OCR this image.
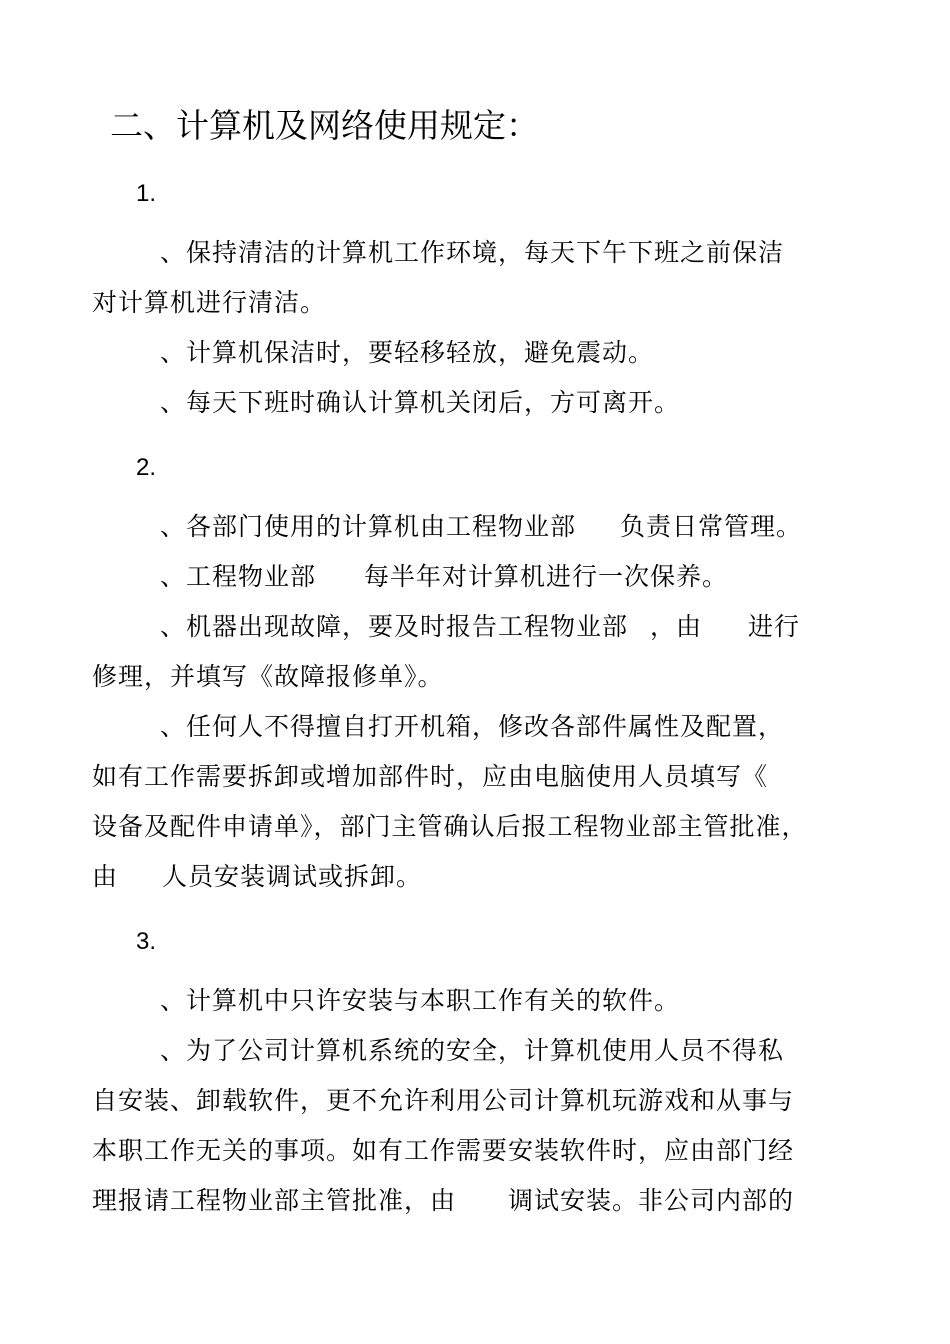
二、计算机及网络使用规定：
1.
、保持清洁的计算机工作环境，每天下午下班之前保洁
对计算机进行清洁。
、计算机保洁时，要轻移轻放，避免震动。
、每天下班时确认计算机关闭后，方可离开。
2.
、各部门使用的计算机由工程物业部 负责日常管理。
、工程物业部 每半年对计算机进行一次保养。
、机器出现故障，要及时报告工程物业部 ，由 进行
修理，并填写《故障报修单》。
、任何人不得擅自打开机箱，修改各部件属性及配置，
如有工作需要拆卸或增加部件时，应由电脑使用人员填写《
设备及配件申请单》，部门主管确认后报工程物业部主管批准，
由 人员安装调试或拆卸。
3.
、计算机中只许安装与本职工作有关的软件。
、为了公司计算机系统的安全，计算机使用人员不得私
自安装、卸载软件，更不允许利用公司计算机玩游戏和从事与
本职工作无关的事项。如有工作需要安装软件时，应由部门经
理报请工程物业部主管批准，由 调试安装。非公司内部的
